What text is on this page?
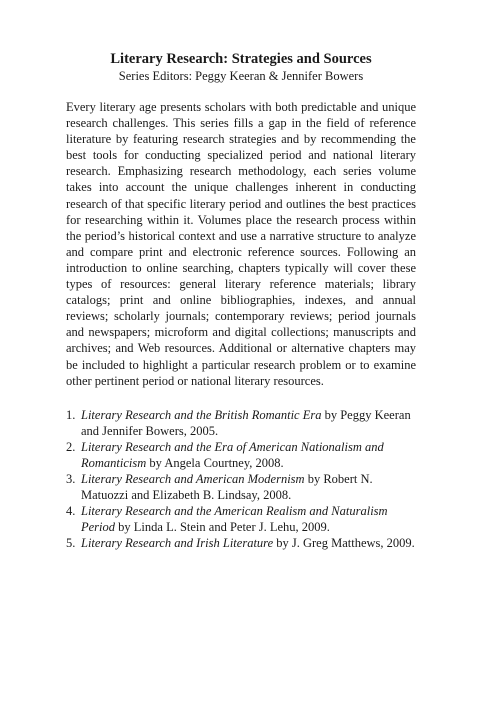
Literary Research: Strategies and Sources

Series Editors: Peggy Keeran & Jennifer Bowers

Every literary age presents scholars with both predictable and unique research challenges. This series fills a gap in the field of reference literature by featuring research strategies and by recommending the best tools for conducting specialized period and national literary research. Emphasizing research methodology, each series volume takes into account the unique challenges inherent in conducting research of that specific literary period and outlines the best practices for researching within it. Volumes place the research process within the period’s historical context and use a narrative structure to analyze and compare print and electronic reference sources. Following an introduction to online searching, chapters typically will cover these types of resources: general literary reference materials; library catalogs; print and online bibliographies, indexes, and annual reviews; scholarly journals; contemporary reviews; period journals and newspapers; microform and digital collections; manuscripts and archives; and Web resources. Additional or alternative chapters may be included to highlight a particular research problem or to examine other pertinent period or national literary resources.

1. Literary Research and the British Romantic Era by Peggy Keeran and Jennifer Bowers, 2005.
2. Literary Research and the Era of American Nationalism and Romanticism by Angela Courtney, 2008.
3. Literary Research and American Modernism by Robert N. Matuozzi and Elizabeth B. Lindsay, 2008.
4. Literary Research and the American Realism and Naturalism Period by Linda L. Stein and Peter J. Lehu, 2009.
5. Literary Research and Irish Literature by J. Greg Matthews, 2009.
